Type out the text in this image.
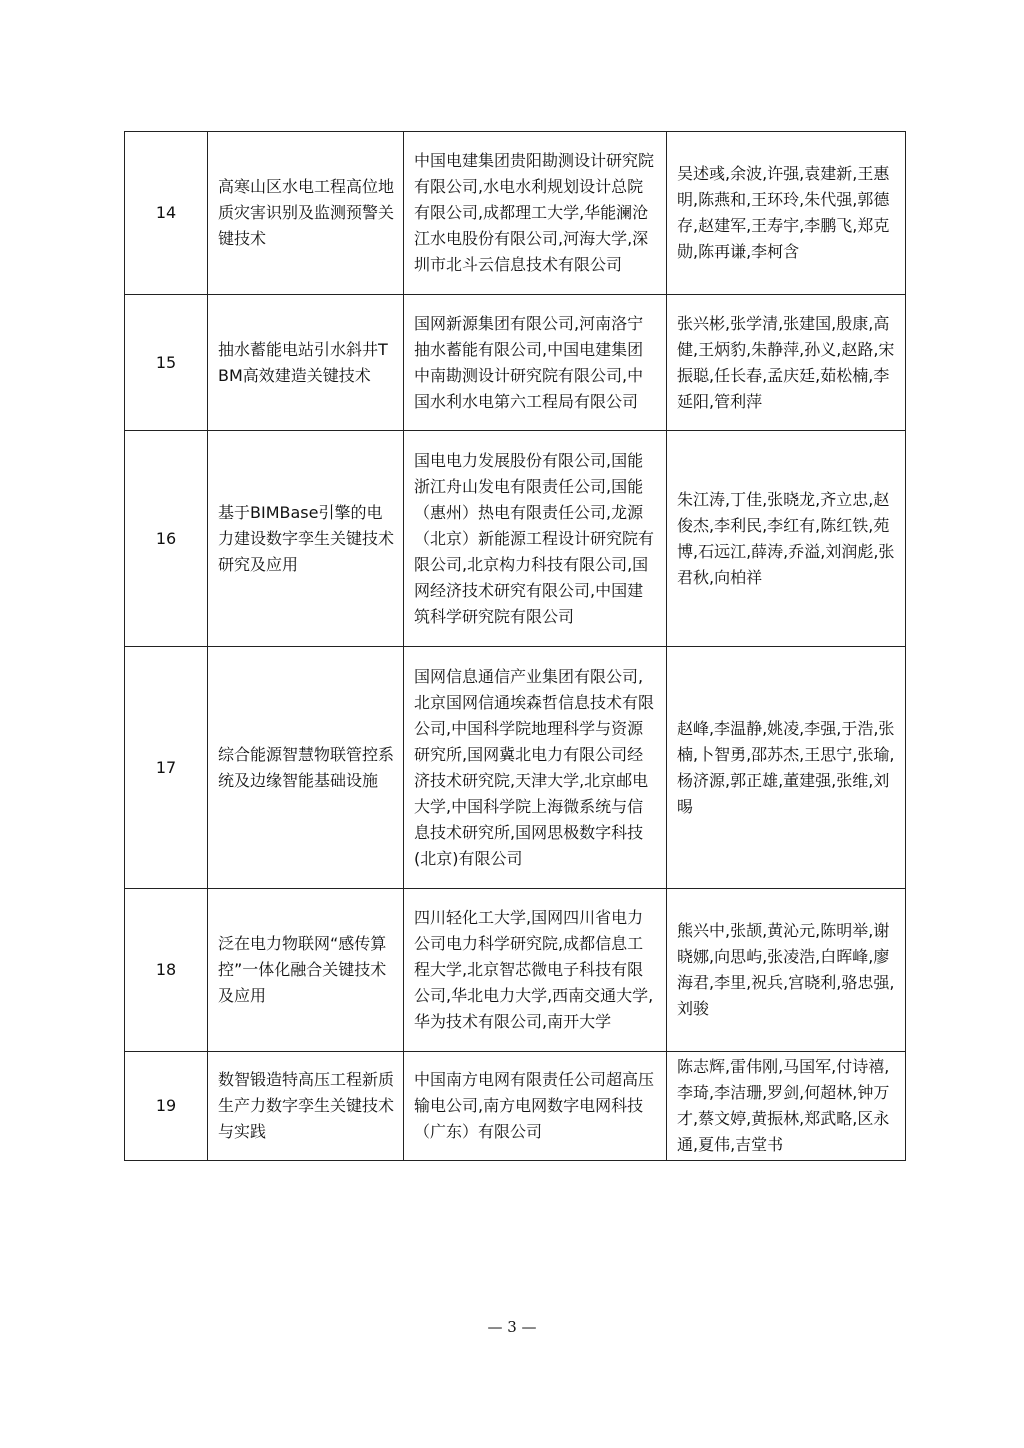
14	高寒山区水电工程高位地质灾害识别及监测预警关键技术	中国电建集团贵阳勘测设计研究院有限公司,水电水利规划设计总院有限公司,成都理工大学,华能澜沧江水电股份有限公司,河海大学,深圳市北斗云信息技术有限公司	吴述彧,余波,许强,袁建新,王惠明,陈燕和,王环玲,朱代强,郭德存,赵建军,王寿宇,李鹏飞,郑克勋,陈再谦,李柯含

15	抽水蓄能电站引水斜井TBM高效建造关键技术	国网新源集团有限公司,河南洛宁抽水蓄能有限公司,中国电建集团中南勘测设计研究院有限公司,中国水利水电第六工程局有限公司	张兴彬,张学清,张建国,殷康,高健,王炳豹,朱静萍,孙义,赵路,宋振聪,任长春,孟庆廷,茹松楠,李延阳,管利萍

16	基于BIMBase引擎的电力建设数字孪生关键技术研究及应用	国电电力发展股份有限公司,国能浙江舟山发电有限责任公司,国能（惠州）热电有限责任公司,龙源（北京）新能源工程设计研究院有限公司,北京构力科技有限公司,国网经济技术研究有限公司,中国建筑科学研究院有限公司	朱江涛,丁佳,张晓龙,齐立忠,赵俊杰,李利民,李红有,陈红铁,苑博,石远江,薛涛,乔溢,刘润彪,张君秋,向柏祥

17	综合能源智慧物联管控系统及边缘智能基础设施	国网信息通信产业集团有限公司,北京国网信通埃森哲信息技术有限公司,中国科学院地理科学与资源研究所,国网冀北电力有限公司经济技术研究院,天津大学,北京邮电大学,中国科学院上海微系统与信息技术研究所,国网思极数字科技(北京)有限公司	赵峰,李温静,姚凌,李强,于浩,张楠,卜智勇,邵苏杰,王思宁,张瑜,杨济源,郭正雄,董建强,张维,刘晹

18	泛在电力物联网“感传算控”一体化融合关键技术及应用	四川轻化工大学,国网四川省电力公司电力科学研究院,成都信息工程大学,北京智芯微电子科技有限公司,华北电力大学,西南交通大学,华为技术有限公司,南开大学	熊兴中,张颉,黄沁元,陈明举,谢晓娜,向思屿,张凌浩,白晖峰,廖海君,李里,祝兵,宫晓利,骆忠强,刘骏

19	数智锻造特高压工程新质生产力数字孪生关键技术与实践	中国南方电网有限责任公司超高压输电公司,南方电网数字电网科技（广东）有限公司	陈志辉,雷伟刚,马国军,付诗禧,李琦,李洁珊,罗剑,何超林,钟万才,蔡文婷,黄振林,郑武略,区永通,夏伟,吉堂书
— 3 —
